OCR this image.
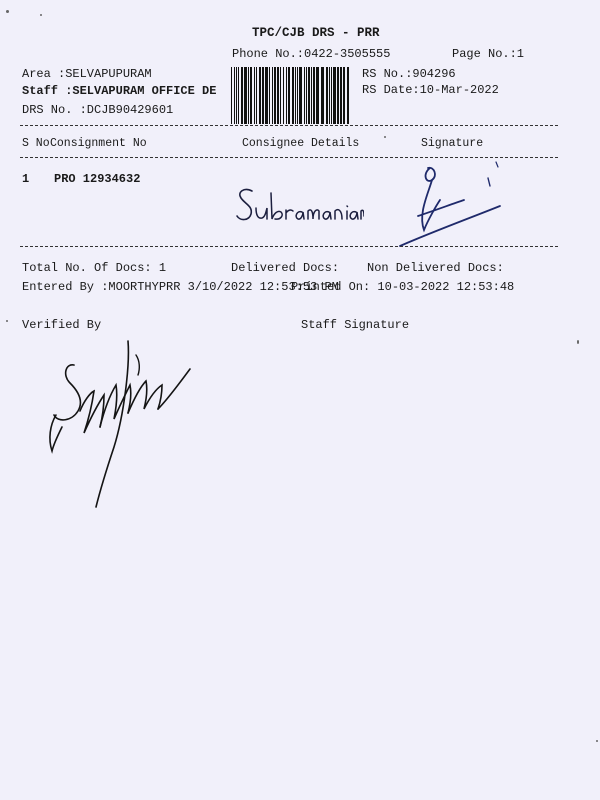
TPC/CJB DRS - PRR
Phone No.:0422-3505555	Page No.:1
Area :SELVAPUPURAM
Staff :SELVAPURAM OFFICE DE
DRS No. :DCJB90429601
RS No.:904296
RS Date:10-Mar-2022
S No Consignment No	Consignee Details	Signature
1 PRO 12934632
Total No. Of Docs: 1	Delivered Docs: Non Delivered Docs:
Entered By :MOORTHYPRR 3/10/2022 12:53:53 PM
Printed On: 10-03-2022 12:53:48
Verified By	Staff Signature
